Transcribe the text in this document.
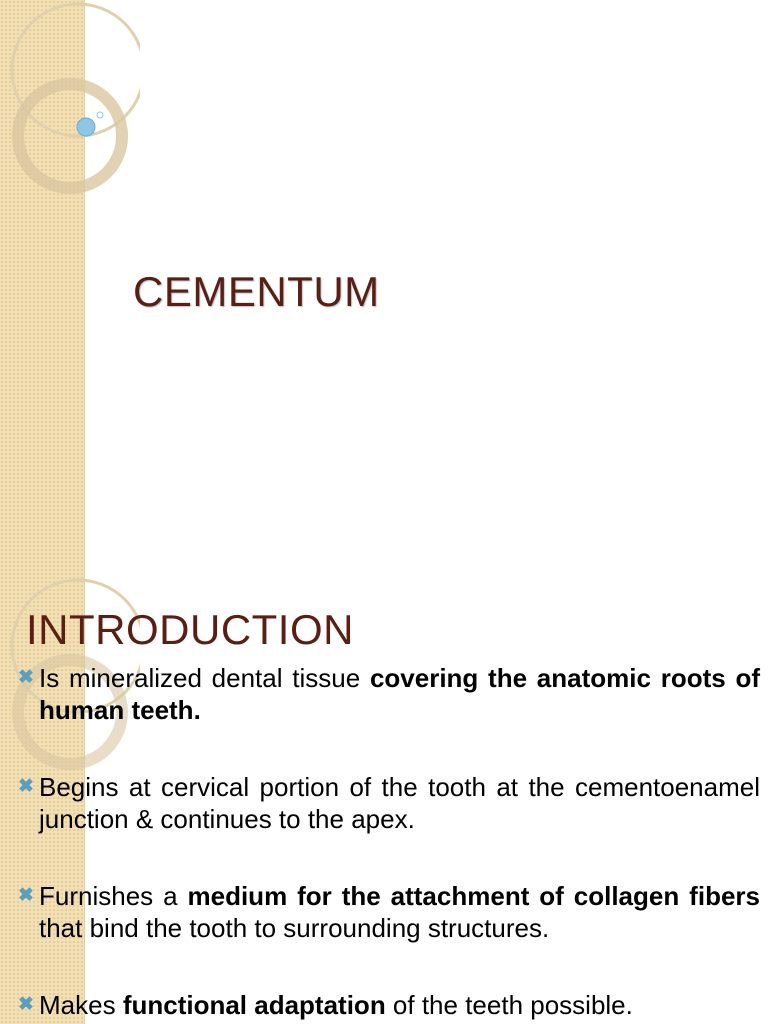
CEMENTUM
INTRODUCTION
✖ Is mineralized dental tissue covering the anatomic roots of human teeth.
✖ Begins at cervical portion of the tooth at the cementoenamel junction & continues to the apex.
✖ Furnishes a medium for the attachment of collagen fibers that bind the tooth to surrounding structures.
✖ Makes functional adaptation of the teeth possible.
